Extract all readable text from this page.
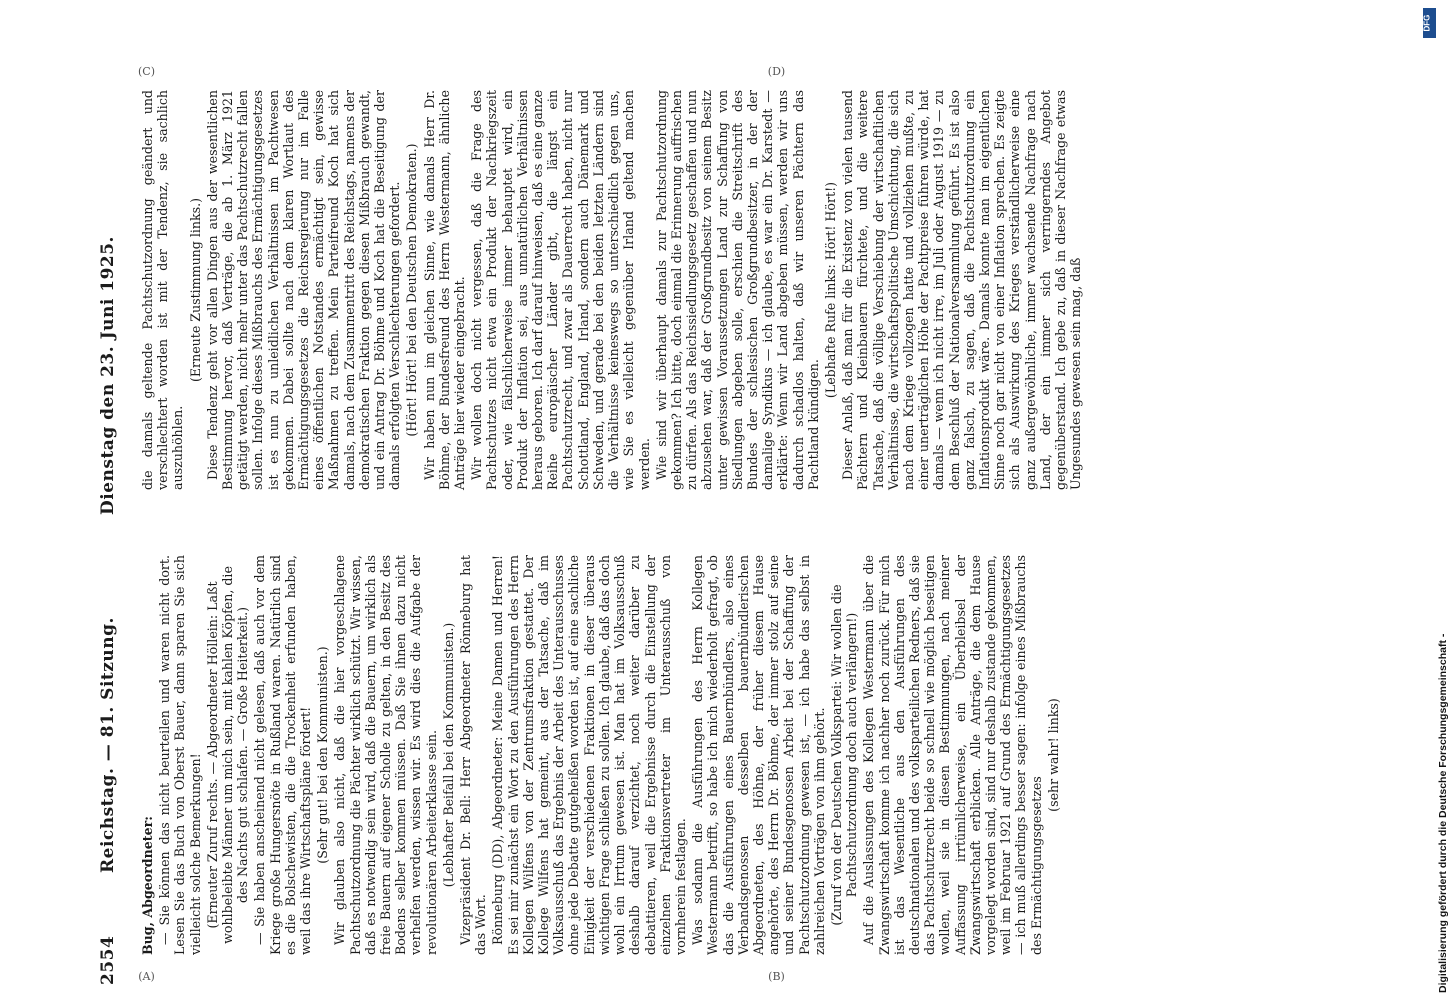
2554
Reichstag. — 81. Sitzung.
Dienstag den 23. Juni 1925.
(A)	(B)
(C)	(D)

Bug, Abgeordneter: — Sie können das nicht beurteilen und waren nicht dort. Lesen Sie das Buch von Oberst Bauer, dann sparen Sie sich vielleicht solche Bemerkungen! (Erneuter Zuruf rechts. — Abgeordneter Höllein: Laßt wohlbeleibte Männer um mich sein, mit kahlen Köpfen, die des Nachts gut schlafen. — Große Heiterkeit.) — Sie haben anscheinend nicht gelesen, daß auch vor dem Kriege große Hungersnöte in Rußland waren. Natürlich sind es die Bolschewisten, die die Trockenheit erfunden haben, weil das ihre Wirtschaftspläne fördert! (Sehr gut! bei den Kommunisten.) Wir glauben also nicht, daß die hier vorgeschlagene Pachtschutzordnung die Pächter wirklich schützt. Wir wissen, daß es notwendig sein wird, daß die Bauern, um wirklich als freie Bauern auf eigener Scholle zu gelten, in den Besitz des Bodens selber kommen müssen. Daß Sie ihnen dazu nicht verhelfen werden, wissen wir. Es wird dies die Aufgabe der revolutionären Arbeiterklasse sein. (Lebhafter Beifall bei den Kommunisten.) Vizepräsident Dr. Bell: Herr Abgeordneter Rönneburg hat das Wort. Rönneburg (DD), Abgeordneter: Meine Damen und Herren! Es sei mir zunächst ein Wort zu den Ausführungen des Herrn Kollegen Wilfens von der Zentrumsfraktion gestattet. Der Kollege Wilfens hat gemeint, aus der Tatsache, daß im Volksausschuß das Ergebnis der Arbeit des Unterausschusses ohne jede Debatte gutgeheißen worden ist, auf eine sachliche Einigkeit der verschiedenen Fraktionen in dieser überaus wichtigen Frage schließen zu sollen. Ich glaube, daß das doch wohl ein Irrtum gewesen ist. Man hat im Volksausschuß deshalb darauf verzichtet, noch weiter darüber zu debattieren, weil die Ergebnisse durch die Einstellung der einzelnen Fraktionsvertreter im Unterausschuß von vornherein festlagen. Was sodann die Ausführungen des Herrn Kollegen Westermann betrifft, so habe ich mich wiederholt gefragt, ob das die Ausführungen eines Bauernbündlers, also eines Verbandsgenossen desselben bauernbündlerischen Abgeordneten, des Höhne, der früher diesem Hause angehörte, des Herrn Dr. Böhme, der immer stolz auf seine und seiner Bundesgenossen Arbeit bei der Schaffung der Pachtschutzordnung gewesen ist, — ich habe das selbst in zahlreichen Vorträgen von ihm gehört. (Zuruf von der Deutschen Volkspartei: Wir wollen die Pachtschutzordnung doch auch verlängern!) Auf die Auslassungen des Kollegen Westermann über die Zwangswirtschaft komme ich nachher noch zurück. Für mich ist das Wesentliche aus den Ausführungen des deutschnationalen und des volksparteilichen Redners, daß sie das Pachtschutzrecht beide so schnell wie möglich beseitigen wollen, weil sie in diesen Bestimmungen, nach meiner Auffassung irrtümlicherweise, ein Überbleibsel der Zwangswirtschaft erblicken. Alle Anträge, die dem Hause vorgelegt worden sind, sind nur deshalb zustande gekommen, weil im Februar 1921 auf Grund des Ermächtigungsgesetzes — ich muß allerdings besser sagen: infolge eines Mißbrauchs des Ermächtigungsgesetzes

(sehr wahr! links)

die damals geltende Pachtschutzordnung geändert und verschlechtert worden ist mit der Tendenz, sie sachlich auszuhöhlen.

(Erneute Zustimmung links.) Diese Tendenz geht vor allen Dingen aus der wesentlichen Bestimmung hervor, daß Verträge, die ab 1. März 1921 getätigt werden, nicht mehr unter das Pachtschutzrecht fallen sollen. Infolge dieses Mißbrauchs des Ermächtigungsgesetzes ist es nun zu unleidlichen Verhältnissen im Pachtwesen gekommen. Dabei sollte nach dem klaren Wortlaut des Ermächtigungsgesetzes die Reichsregierung nur im Falle eines öffentlichen Notstandes ermächtigt sein, gewisse Maßnahmen zu treffen. Mein Parteifreund Koch hat sich damals, nach dem Zusammentritt des Reichstags, namens der demokratischen Fraktion gegen diesen Mißbrauch gewandt, und ein Antrag Dr. Böhme und Koch hat die Beseitigung der damals erfolgten Verschlechterungen gefordert. (Hört! Hört! bei den Deutschen Demokraten.) Wir haben nun im gleichen Sinne, wie damals Herr Dr. Böhme, der Bundesfreund des Herrn Westermann, ähnliche Anträge hier wieder eingebracht. Wir wollen doch nicht vergessen, daß die Frage des Pachtschutzes nicht etwa ein Produkt der Nachkriegszeit oder, wie fälschlicherweise immer behauptet wird, ein Produkt der Inflation sei, aus unnatürlichen Verhältnissen heraus geboren. Ich darf darauf hinweisen, daß es eine ganze Reihe europäischer Länder gibt, die längst ein Pachtschutzrecht, und zwar als Dauerrecht haben, nicht nur Schottland, England, Irland, sondern auch Dänemark und Schweden, und gerade bei den beiden letzten Ländern sind die Verhältnisse keineswegs so unterschiedlich gegen uns, wie Sie es vielleicht gegenüber Irland geltend machen werden. Wie sind wir überhaupt damals zur Pachtschutzordnung gekommen? Ich bitte, doch einmal die Erinnerung auffrischen zu dürfen. Als das Reichssiedlungsgesetz geschaffen und nun abzusehen war, daß der Großgrundbesitz von seinem Besitz unter gewissen Voraussetzungen Land zur Schaffung von Siedlungen abgeben solle, erschien die Streitschrift des Bundes der schlesischen Großgrundbesitzer, in der der damalige Syndikus — ich glaube, es war ein Dr. Karstedt — erklärte: Wenn wir Land abgeben müssen, werden wir uns dadurch schadlos halten, daß wir unseren Pächtern das Pachtland kündigen.

(Lebhafte Rufe links: Hört! Hört!) Dieser Anlaß, daß man für die Existenz von vielen tausend Pächtern und Kleinbauern fürchtete, und die weitere Tatsache, daß die völlige Verschiebung der wirtschaftlichen Verhältnisse, die wirtschaftspolitische Umschichtung, die sich nach dem Kriege vollzogen hatte und vollziehen mußte, zu einer unerträglichen Höhe der Pachtpreise führen würde, hat damals — wenn ich nicht irre, im Juli oder August 1919 — zu dem Beschluß der Nationalversammlung geführt. Es ist also ganz falsch, zu sagen, daß die Pachtschutzordnung ein Inflationsprodukt wäre. Damals konnte man im eigentlichen Sinne noch gar nicht von einer Inflation sprechen. Es zeigte sich als Auswirkung des Krieges verständlicherweise eine ganz außergewöhnliche, immer wachsende Nachfrage nach Land, der ein immer sich verringerndes Angebot gegenüberstand. Ich gebe zu, daß in dieser Nachfrage etwas Ungesundes gewesen sein mag, daß

Digitalisierung gefördert durch die Deutsche Forschungsgemeinschaft -
DFG
